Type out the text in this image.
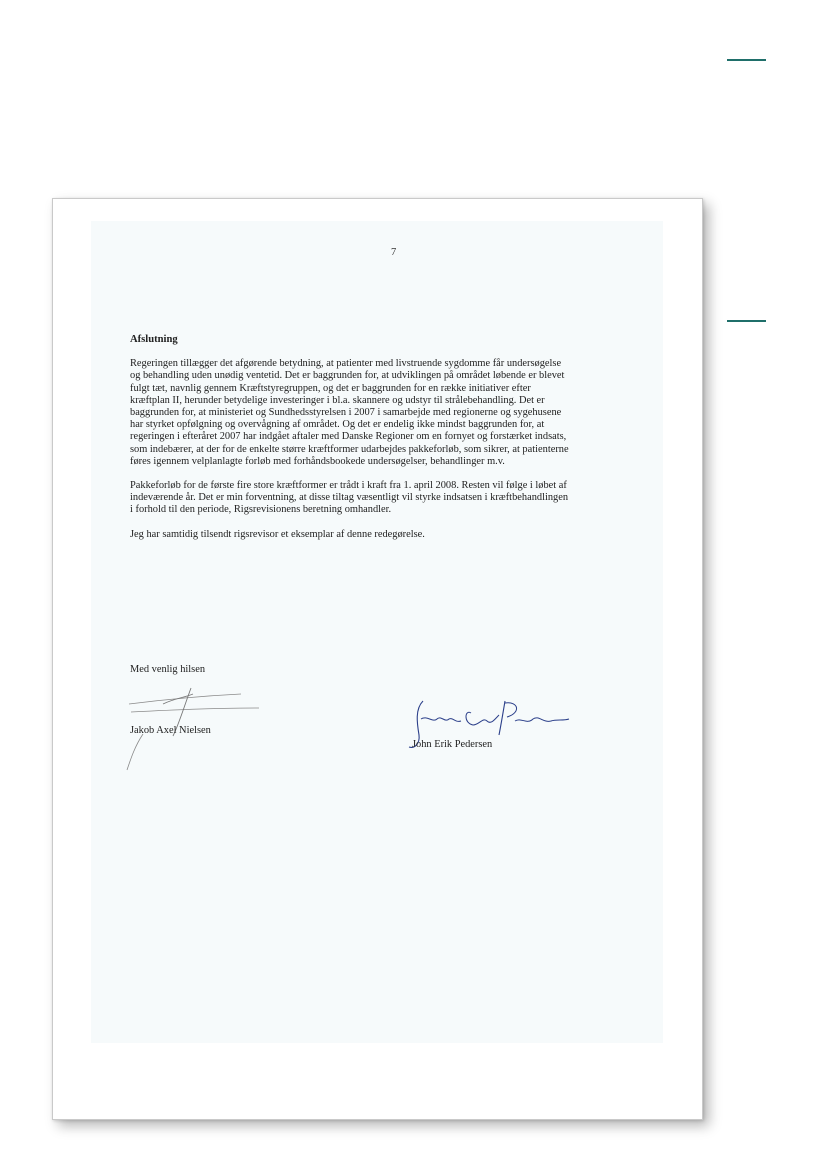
7
Afslutning

Regeringen tillægger det afgørende betydning, at patienter med livstruende sygdomme får undersøgelse og behandling uden unødig ventetid. Det er baggrunden for, at udviklingen på området løbende er blevet fulgt tæt, navnlig gennem Kræftstyregruppen, og det er baggrunden for en række initiativer efter kræftplan II, herunder betydelige investeringer i bl.a. skannere og udstyr til strålebehandling. Det er baggrunden for, at ministeriet og Sundhedsstyrelsen i 2007 i samarbejde med regionerne og sygehusene har styrket opfølgning og overvågning af området. Og det er endelig ikke mindst baggrunden for, at regeringen i efteråret 2007 har indgået aftaler med Danske Regioner om en fornyet og forstærket indsats, som indebærer, at der for de enkelte større kræftformer udarbejdes pakkeforløb, som sikrer, at patienterne føres igennem velplanlagte forløb med forhåndsbookede undersøgelser, behandlinger m.v.

Pakkeforløb for de første fire store kræftformer er trådt i kraft fra 1. april 2008. Resten vil følge i løbet af indeværende år. Det er min forventning, at disse tiltag væsentligt vil styrke indsatsen i kræftbehandlingen i forhold til den periode, Rigsrevisionens beretning omhandler.

Jeg har samtidig tilsendt rigsrevisor et eksemplar af denne redegørelse.

Med venlig hilsen
Jakob Axel Nielsen
John Erik Pedersen
